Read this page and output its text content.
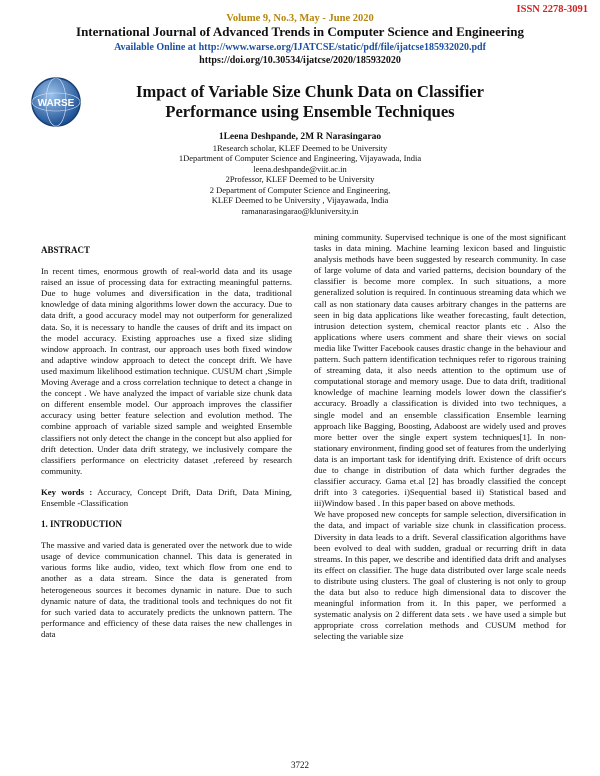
ISSN 2278-3091
Volume 9, No.3, May - June 2020
International Journal of Advanced Trends in Computer Science and Engineering
Available Online at http://www.warse.org/IJATCSE/static/pdf/file/ijatcse185932020.pdf
https://doi.org/10.30534/ijatcse/2020/185932020
WARSE
Impact of Variable Size Chunk Data on Classifier Performance using Ensemble Techniques
1Leena Deshpande, 2M R Narasingarao
1Research scholar, KLEF Deemed to be University
1Department of Computer Science and Engineering, Vijayawada, India
leena.deshpande@viit.ac.in
2Professor, KLEF Deemed to be University
2 Department of Computer Science and Engineering,
KLEF Deemed to be University , Vijayawada, India
ramanarasingarao@kluniversity.in
ABSTRACT

In recent times, enormous growth of real-world data and its usage raised an issue of processing data for extracting meaningful patterns. Due to huge volumes and diversification in the data, traditional knowledge of data mining algorithms lower down the accuracy. Due to data drift, a good accuracy model may not outperform for generalized data. So, it is necessary to handle the causes of drift and its impact on the model accuracy. Existing approaches use a fixed size sliding window approach. In contrast, our approach uses both fixed window and adaptive window approach to detect the concept drift. We have used maximum likelihood estimation technique. CUSUM chart ,Simple Moving Average and a cross correlation technique to detect a change in the concept . We have analyzed the impact of variable size chunk data on different ensemble model. Our approach improves the classifier accuracy using better feature selection and evolution method. The combine approach of variable sized sample and weighted Ensemble classifiers not only detect the change in the concept but also applied for drift detection. Under data drift strategy, we inclusively compare the classifiers performance on electricity dataset ,refereed by research community.

Key words : Accuracy, Concept Drift, Data Drift, Data Mining, Ensemble -Classification

1. INTRODUCTION

The massive and varied data is generated over the network due to wide usage of device communication channel. This data is generated in various forms like audio, video, text which flow from one end to another as a data stream. Since the data is generated from heterogeneous sources it becomes dynamic in nature. Due to such dynamic nature of data, the traditional tools and techniques do not fit for such varied data to accurately predicts the unknown pattern. The performance and efficiency of these data raises the new challenges in data

mining community. Supervised technique is one of the most significant tasks in data mining. Machine learning lexicon based and linguistic analysis methods have been suggested by research community. In case of large volume of data and varied patterns, decision boundary of the classifier is become more complex. In such situations, a more generalized solution is required. In continuous streaming data which we call as non stationary data causes arbitrary changes in the patterns are seen in big data applications like weather forecasting, fault detection, intrusion detection system, chemical reactor plants etc . Also the applications where users comment and share their views on social media like Twitter Facebook causes drastic change in the behaviour and pattern. Such pattern identification techniques refer to rigorous training of streaming data, it also needs attention to the optimum use of computational storage and memory usage. Due to data drift, traditional knowledge of machine learning models lower down the classifier's accuracy. Broadly a classification is divided into two techniques, a single model and an ensemble classification Ensemble learning approach like Bagging, Boosting, Adaboost are widely used and proves more better over the single expert system techniques[1]. In non-stationary environment, finding good set of features from the underlying data is an important task for identifying drift. Existence of drift occurs due to change in distribution of data which further degrades the classifier accuracy. Gama et.al [2] has broadly classified the concept drift into 3 categories. i)Sequential based ii) Statistical based and iii)Window based . In this paper based on above methods.

We have proposed new concepts for sample selection, diversification in the data, and impact of variable size chunk in classification process. Diversity in data leads to a drift. Several classification algorithms have been evolved to deal with sudden, gradual or recurring drift in data streams. In this paper, we describe and identified data drift and analyses its effect on classifier. The huge data distributed over large scale needs to distribute using clusters. The goal of clustering is not only to group the data but also to reduce high dimensional data to discover the meaningful information from it. In this paper, we performed a systematic analysis on 2 different data sets . we have used a simple but appropriate cross correlation methods and CUSUM method for selecting the variable size

3722
